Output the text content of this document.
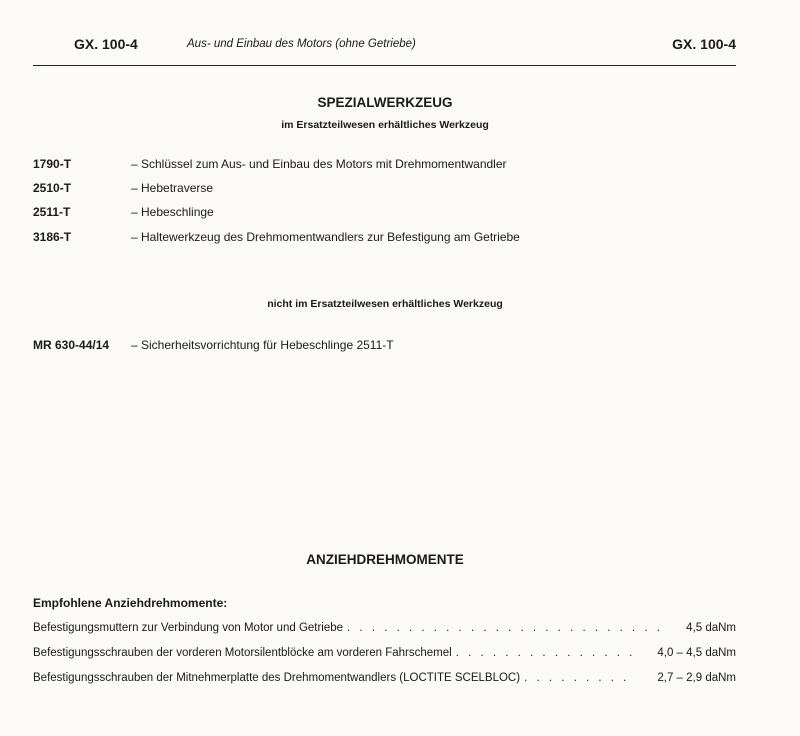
GX. 100-4	Aus- und Einbau des Motors (ohne Getriebe)	GX. 100-4
SPEZIALWERKZEUG
im Ersatzteilwesen erhältliches Werkzeug
1790-T	– Schlüssel zum Aus- und Einbau des Motors mit Drehmomentwandler
2510-T	– Hebetraverse
2511-T	– Hebeschlinge
3186-T	– Haltewerkzeug des Drehmomentwandlers zur Befestigung am Getriebe
nicht im Ersatzteilwesen erhältliches Werkzeug
MR 630-44/14 – Sicherheitsvorrichtung für Hebeschlinge 2511-T
ANZIEHDREHMOMENTE
Empfohlene Anziehdrehmomente:
Befestigungsmuttern zur Verbindung von Motor und Getriebe . . .	4,5 daNm
Befestigungsschrauben der vorderen Motorsilentblöcke am vorderen Fahrschemel . . .	4,0 – 4,5 daNm
Befestigungsschrauben der Mitnehmerplatte des Drehmomentwandlers (LOCTITE SCELBLOC) . . .	2,7 – 2,9 daNm
